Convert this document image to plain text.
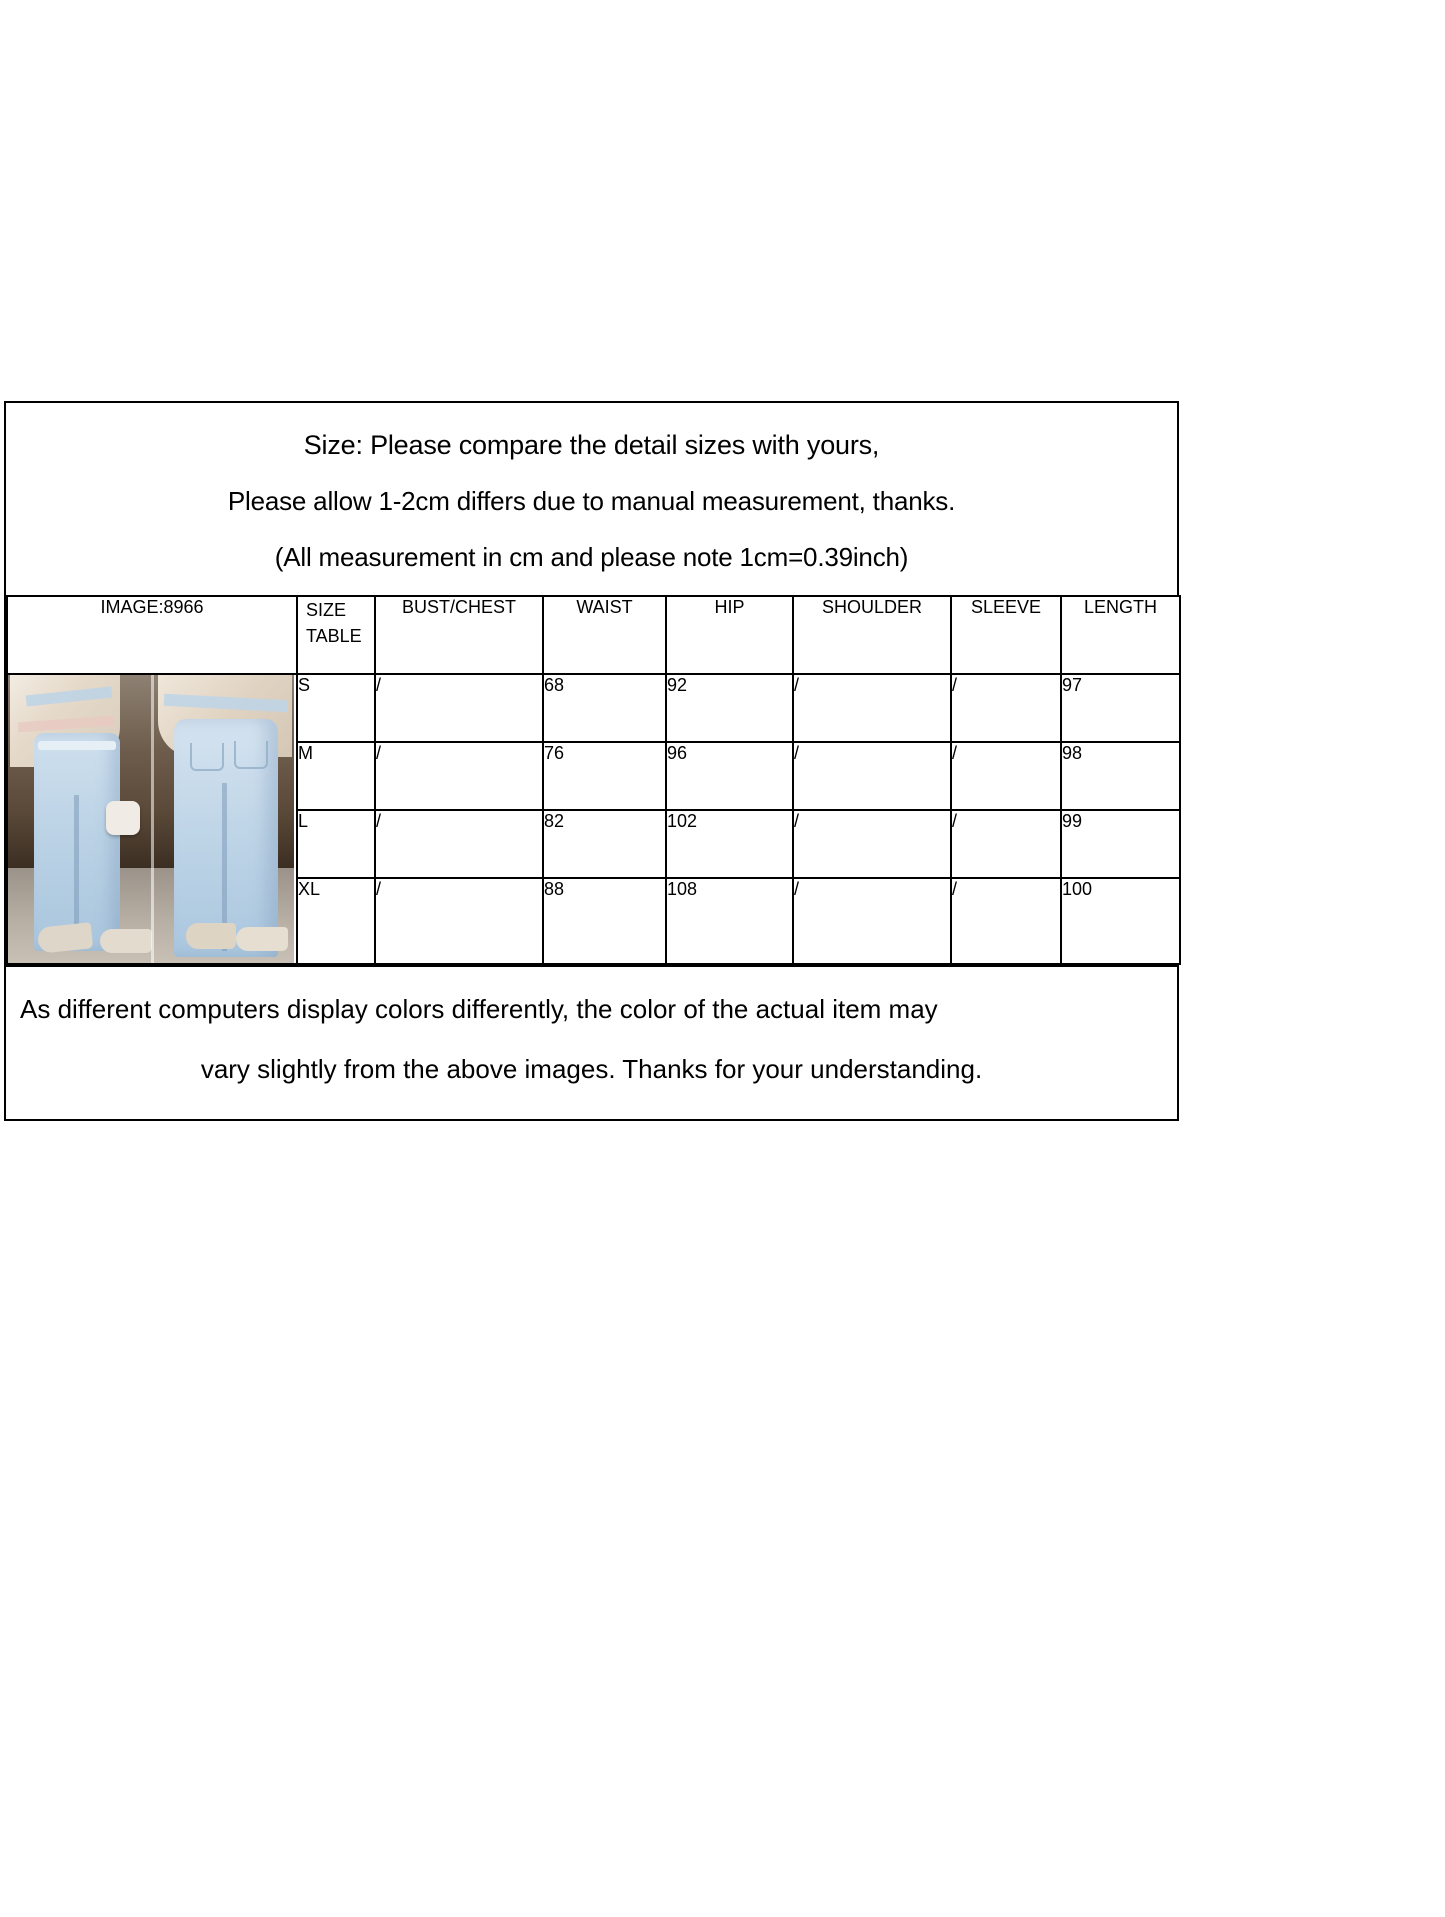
Size: Please compare the detail sizes with yours,
Please allow 1-2cm differs due to manual measurement, thanks.
(All measurement in cm and please note 1cm=0.39inch)
IMAGE:8966	SIZE TABLE	BUST/CHEST	WAIST	HIP	SHOULDER	SLEEVE	LENGTH

	S	/	68	92	/	/	97
	M	/	76	96	/	/	98
	L	/	82	102	/	/	99
	XL	/	88	108	/	/	100
As different computers display colors differently, the color of the actual item may
vary slightly from the above images. Thanks for your understanding.
